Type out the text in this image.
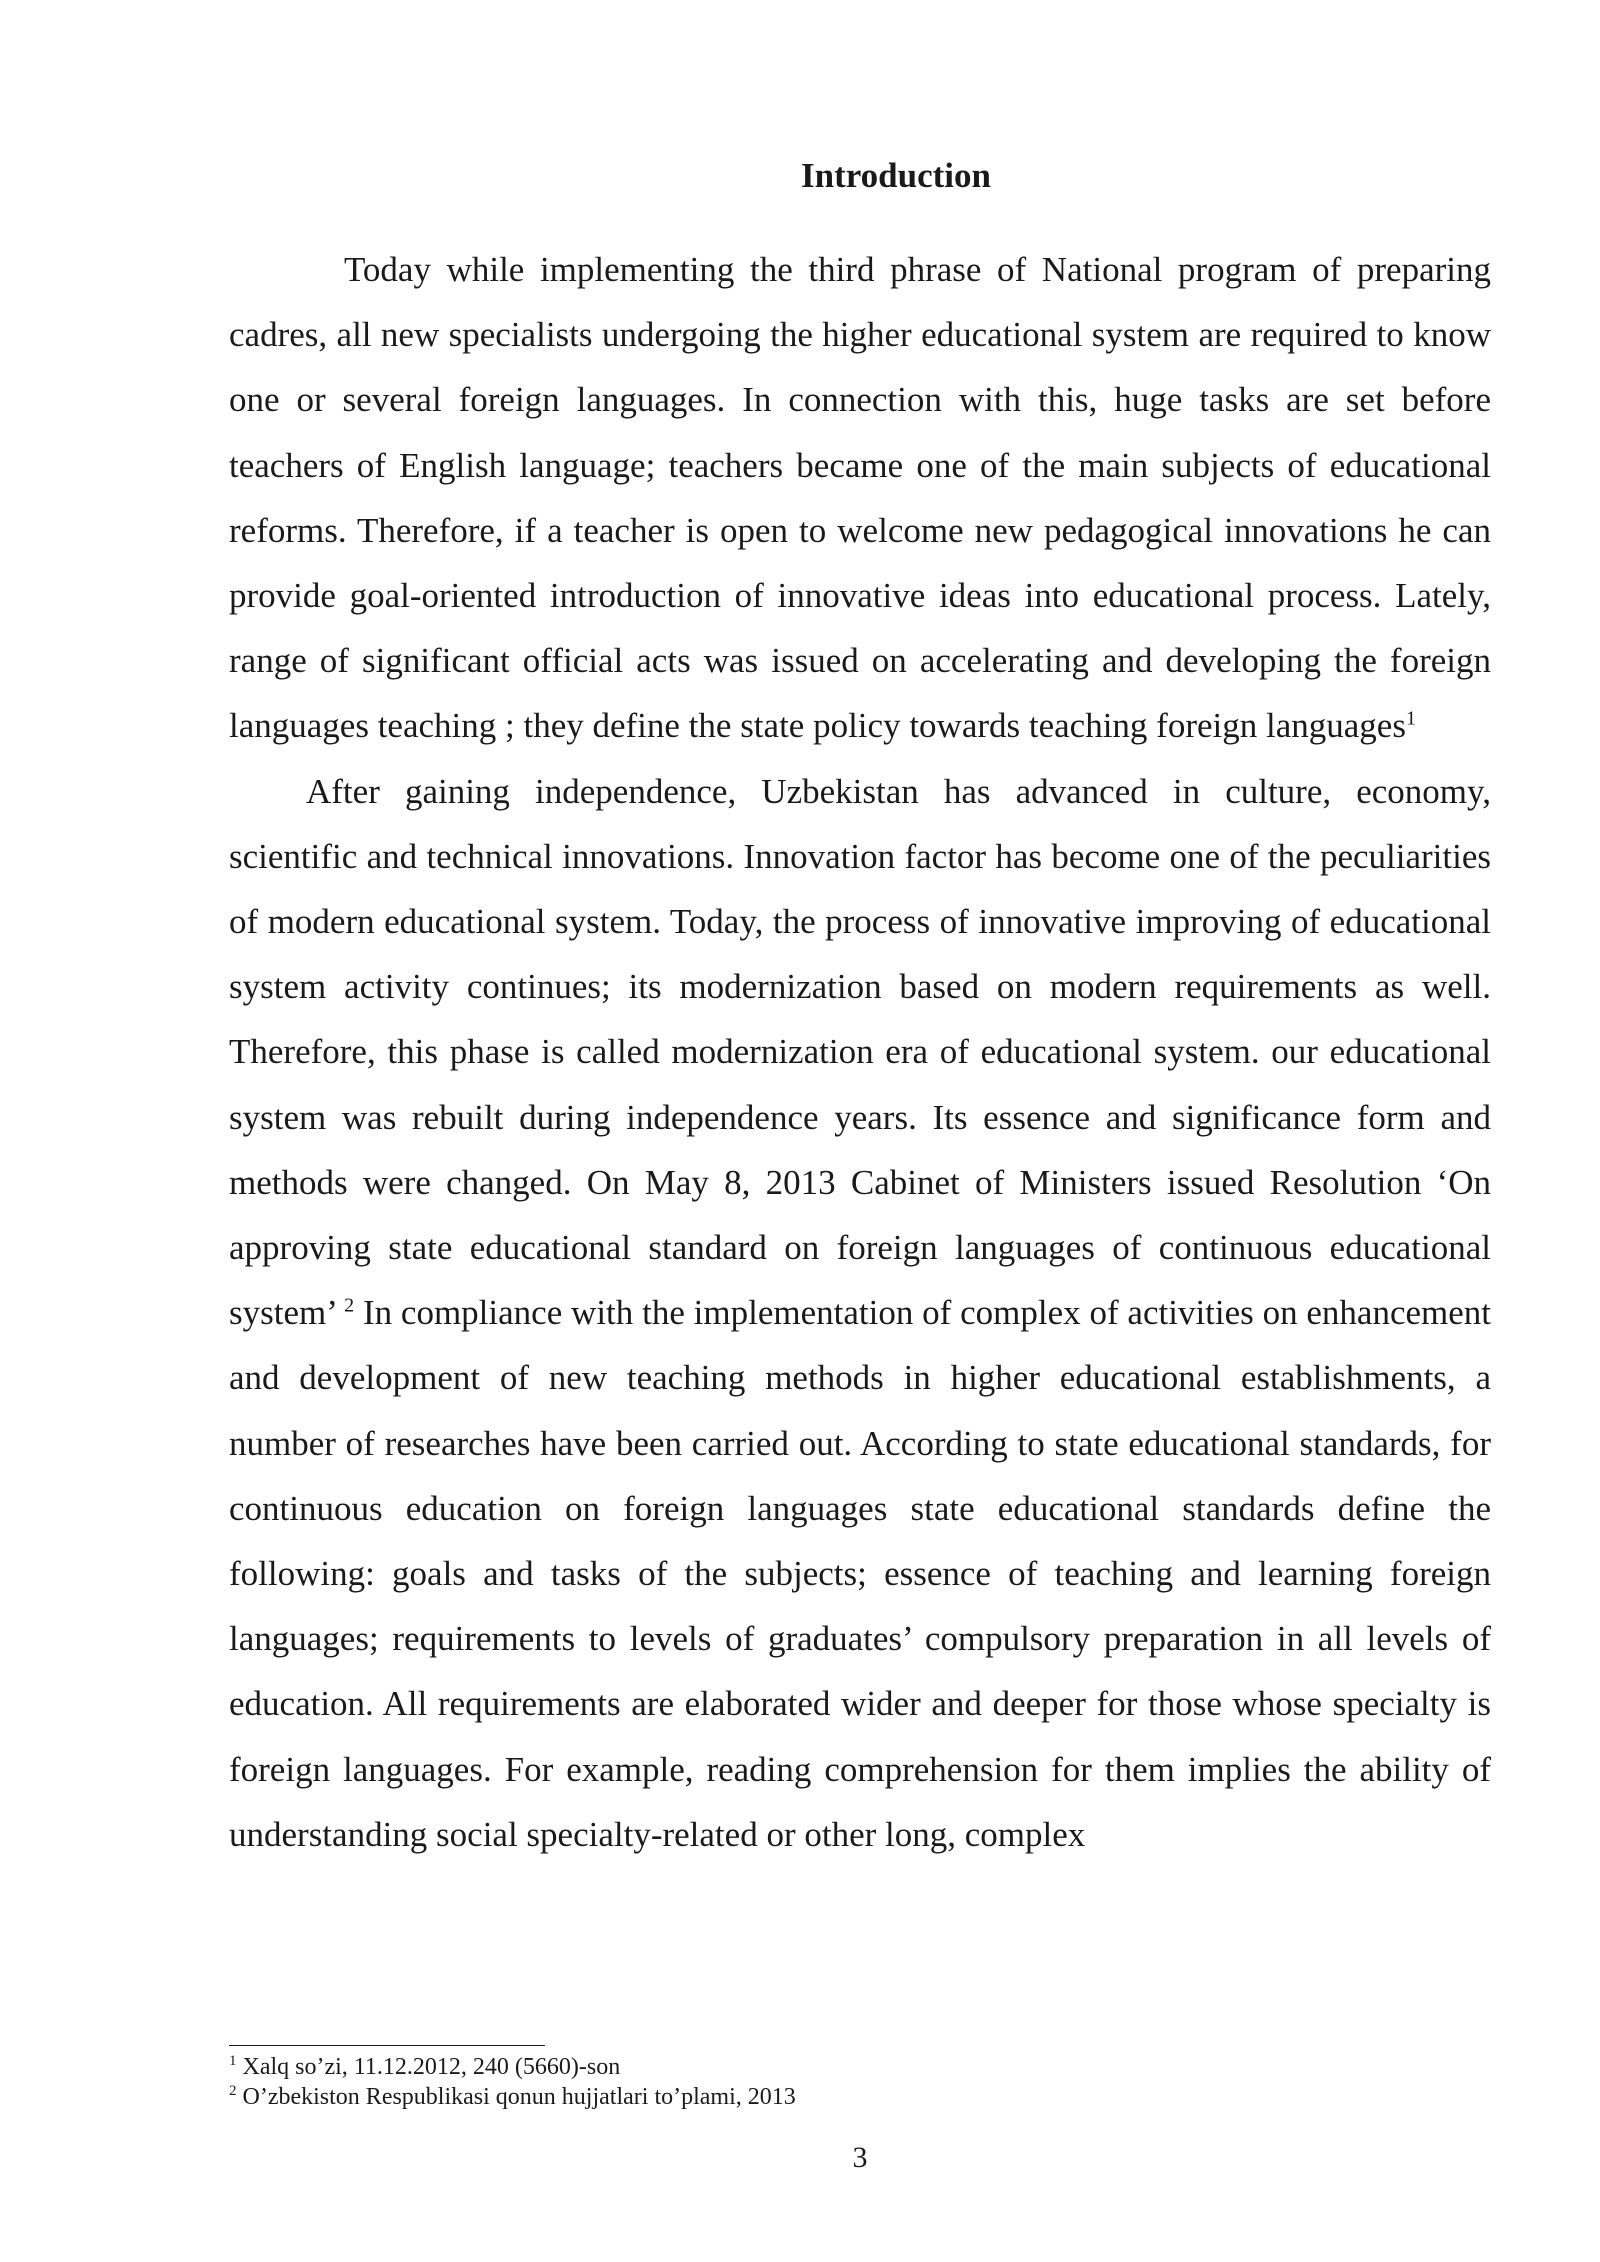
Introduction

Today while implementing the third phrase of National program of preparing cadres, all new specialists undergoing the higher educational system are required to know one or several foreign languages. In connection with this, huge tasks are set before teachers of English language; teachers became one of the main subjects of educational reforms. Therefore, if a teacher is open to welcome new pedagogical innovations he can provide goal-oriented introduction of innovative ideas into educational process. Lately, range of significant official acts was issued on accelerating and developing the foreign languages teaching ; they define the state policy towards teaching foreign languages$^1$

After gaining independence, Uzbekistan has advanced in culture, economy, scientific and technical innovations. Innovation factor has become one of the peculiarities of modern educational system. Today, the process of innovative improving of educational system activity continues; its modernization based on modern requirements as well. Therefore, this phase is called modernization era of educational system. our educational system was rebuilt during independence years. Its essence and significance form and methods were changed. On May 8, 2013 Cabinet of Ministers issued Resolution ‘On approving state educational standard on foreign languages of continuous educational system’ $^2$ In compliance with the implementation of complex of activities on enhancement and development of new teaching methods in higher educational establishments, a number of researches have been carried out. According to state educational standards, for continuous education on foreign languages state educational standards define the following: goals and tasks of the subjects; essence of teaching and learning foreign languages; requirements to levels of graduates’ compulsory preparation in all levels of education. All requirements are elaborated wider and deeper for those whose specialty is foreign languages. For example, reading comprehension for them implies the ability of understanding social specialty-related or other long, complex

$^1$ Xalq so’zi, 11.12.2012, 240 (5660)-son

$^2$ O’zbekiston Respublikasi qonun hujjatlari to’plami, 2013

3
